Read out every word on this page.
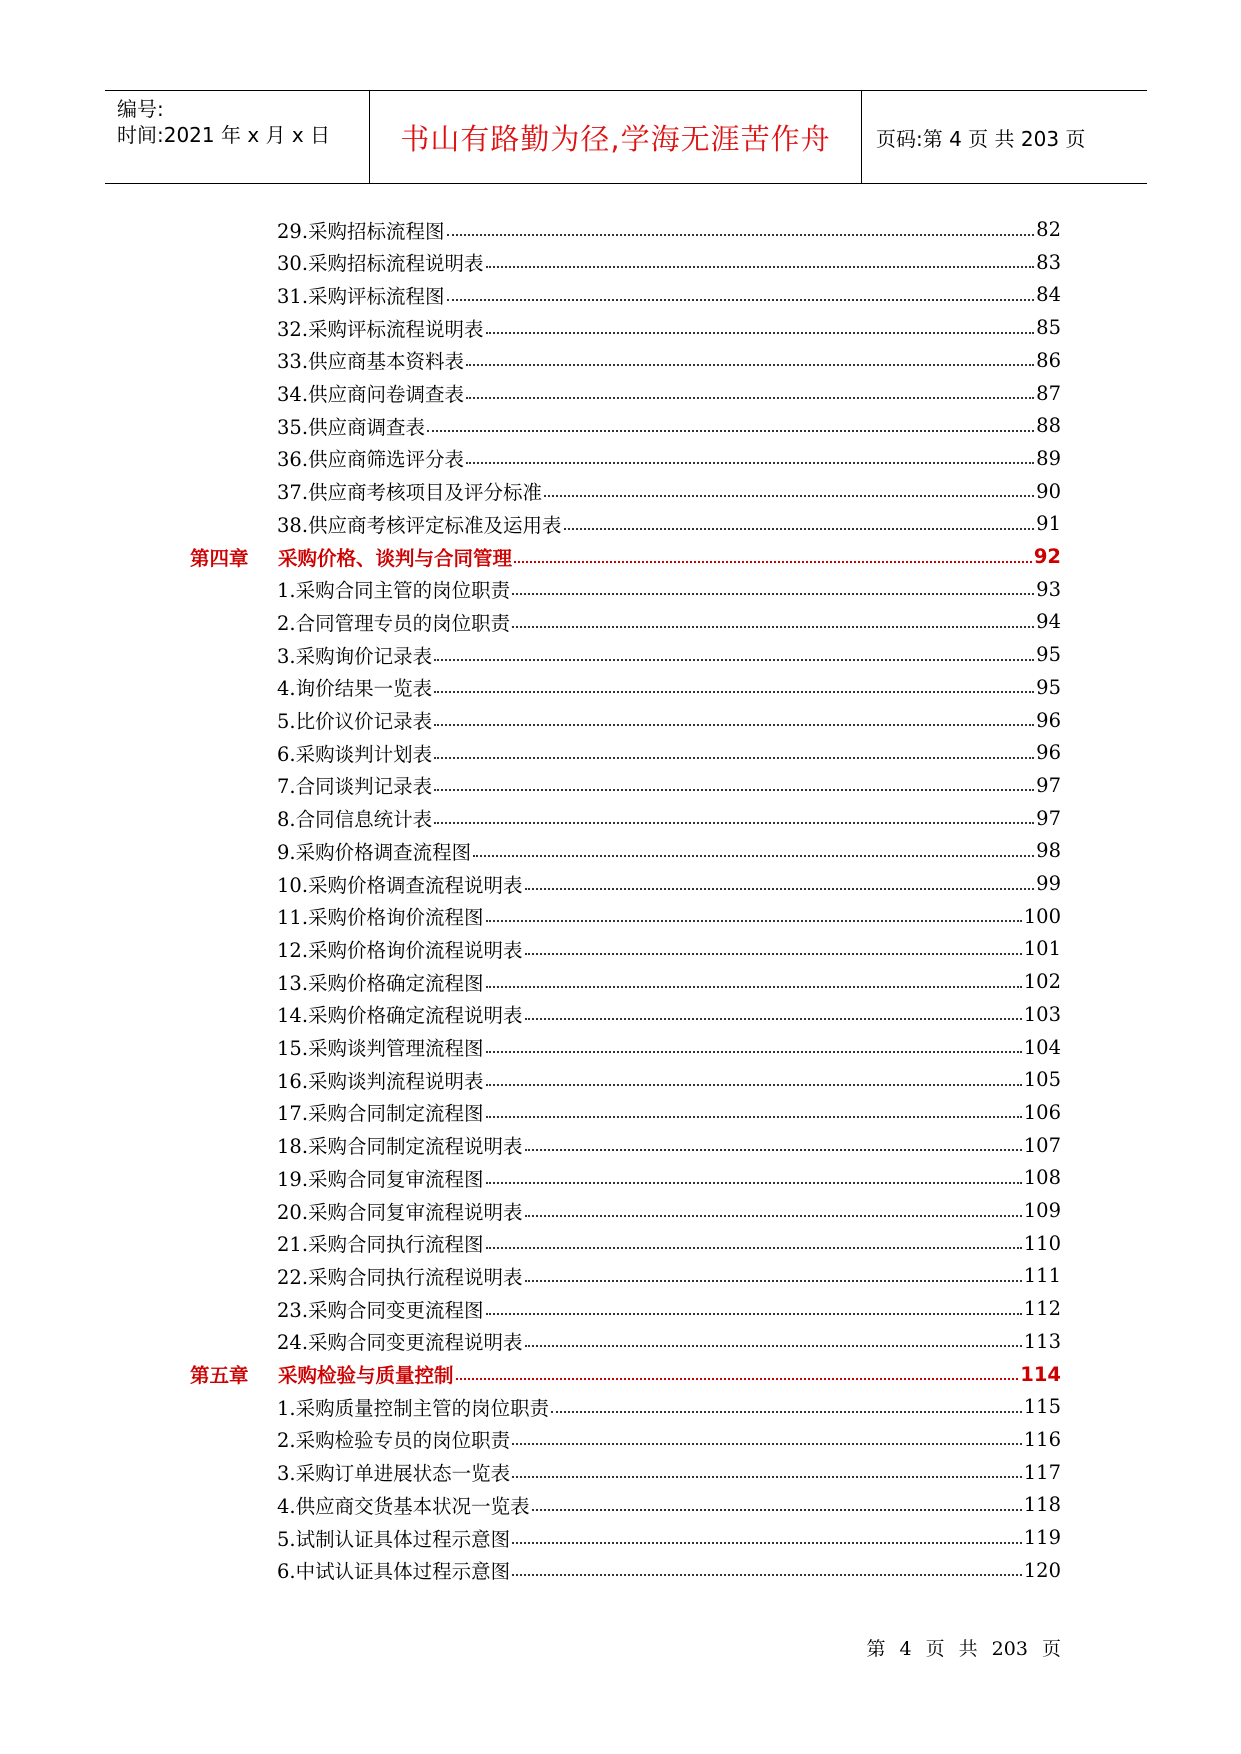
编号:
时间:2021 年 x 月 x 日 书山有路勤为径,学海无涯苦作舟 页码:第 4 页 共 203 页
29.采购招标流程图	82
30.采购招标流程说明表	83
31.采购评标流程图	84
32.采购评标流程说明表	85
33.供应商基本资料表	86
34.供应商问卷调查表	87
35.供应商调查表	88
36.供应商筛选评分表	89
37.供应商考核项目及评分标准	90
38.供应商考核评定标准及运用表	91
第四章	采购价格、谈判与合同管理	92
1.采购合同主管的岗位职责	93
2.合同管理专员的岗位职责	94
3.采购询价记录表	95
4.询价结果一览表	95
5.比价议价记录表	96
6.采购谈判计划表	96
7.合同谈判记录表	97
8.合同信息统计表	97
9.采购价格调查流程图	98
10.采购价格调查流程说明表	99
11.采购价格询价流程图	100
12.采购价格询价流程说明表	101
13.采购价格确定流程图	102
14.采购价格确定流程说明表	103
15.采购谈判管理流程图	104
16.采购谈判流程说明表	105
17.采购合同制定流程图	106
18.采购合同制定流程说明表	107
19.采购合同复审流程图	108
20.采购合同复审流程说明表	109
21.采购合同执行流程图	110
22.采购合同执行流程说明表	111
23.采购合同变更流程图	112
24.采购合同变更流程说明表	113
第五章	采购检验与质量控制	114
1.采购质量控制主管的岗位职责	115
2.采购检验专员的岗位职责	116
3.采购订单进展状态一览表	117
4.供应商交货基本状况一览表	118
5.试制认证具体过程示意图	119
6.中试认证具体过程示意图	120
第 4 页 共 203 页
